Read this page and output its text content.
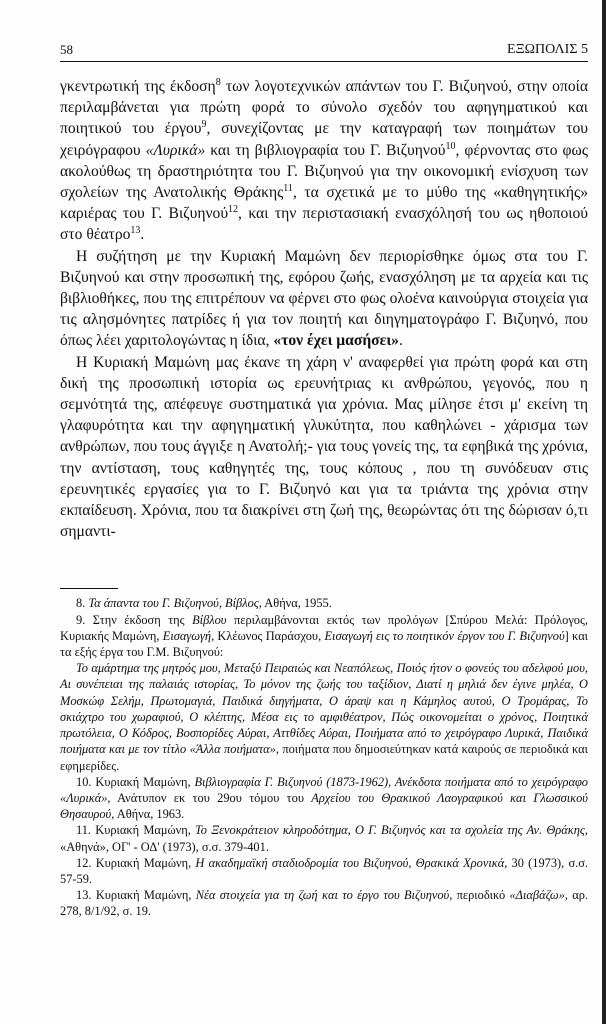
58	ΕΞΩΠΟΛΙΣ 5

γκεντρωτική της έκδοση$^8$ των λογοτεχνικών απάντων του Γ. Βιζυηνού, στην οποία περιλαμβάνεται για πρώτη φορά το σύνολο σχεδόν του αφηγηματικού και ποιητικού του έργου$^9$, συνεχίζοντας με την καταγραφή των ποιημάτων του χειρόγραφου «Λυρικά» και τη βιβλιογραφία του Γ. Βιζυηνού$^{10}$, φέρνοντας στο φως ακολούθως τη δραστηριότητα του Γ. Βιζυηνού για την οικονομική ενίσχυση των σχολείων της Ανατολικής Θράκης$^{11}$, τα σχετικά με το μύθο της «καθηγητικής» καριέρας του Γ. Βιζυηνού$^{12}$, και την περιστασιακή ενασχόλησή του ως ηθοποιού στο θέατρο$^{13}$.

Η συζήτηση με την Κυριακή Μαμώνη δεν περιορίσθηκε όμως στα του Γ. Βιζυηνού και στην προσωπική της, εφόρου ζωής, ενασχόληση με τα αρχεία και τις βιβλιοθήκες, που της επιτρέπουν να φέρνει στο φως ολοένα καινούργια στοιχεία για τις αλησμόνητες πατρίδες ή για τον ποιητή και διηγηματογράφο Γ. Βιζυηνό, που όπως λέει χαριτολογώντας η ίδια, «τον έχει μασήσει».

Η Κυριακή Μαμώνη μας έκανε τη χάρη ν' αναφερθεί για πρώτη φορά και στη δική της προσωπική ιστορία ως ερευνήτριας κι ανθρώπου, γεγονός, που η σεμνότητά της, απέφευγε συστηματικά για χρόνια. Μας μίλησε έτσι μ' εκείνη τη γλαφυρότητα και την αφηγηματική γλυκύτητα, που καθηλώνει - χάρισμα των ανθρώπων, που τους άγγιξε η Ανατολή;- για τους γονείς της, τα εφηβικά της χρόνια, την αντίσταση, τους καθηγητές της, τους κόπους , που τη συνόδευαν στις ερευνητικές εργασίες για το Γ. Βιζυηνό και για τα τριάντα της χρόνια στην εκπαίδευση. Χρόνια, που τα διακρίνει στη ζωή της, θεωρώντας ότι της δώρισαν ό,τι σημαντι-

8. Τα άπαντα του Γ. Βιζυηνού, Βίβλος, Αθήνα, 1955.

9. Στην έκδοση της Βίβλου περιλαμβάνονται εκτός των προλόγων [Σπύρου Μελά: Πρόλογος, Κυριακής Μαμώνη, Εισαγωγή, Κλέωνος Παράσχου, Εισαγωγή εις το ποιητικόν έργον του Γ. Βιζυηνού] και τα εξής έργα του Γ.Μ. Βιζυηνού:

Το αμάρτημα της μητρός μου, Μεταξύ Πειραιώς και Νεαπόλεως, Ποιός ήτον ο φονεύς του αδελφού μου, Αι συνέπειαι της παλαιάς ιστορίας, Το μόνον της ζωής του ταξίδιον, Διατί η μηλιά δεν έγινε μηλέα, Ο Μοσκώφ Σελήμ, Πρωτομαγιά, Παιδικά διηγήματα, Ο άραψ και η Κάμηλος αυτού, Ο Τρομάρας, Το σκιάχτρο του χωραφιού, Ο κλέπτης, Μέσα εις το αμφιθέατρον, Πώς οικονομείται ο χρόνος, Ποιητικά πρωτόλεια, Ο Κόδρος, Βοσπορίδες Αύραι, Αττθίδες Αύραι, Ποιήματα από το χειρόγραφο Λυρικά, Παιδικά ποιήματα και με τον τίτλο «Άλλα ποιήματα», ποιήματα που δημοσιεύτηκαν κατά καιρούς σε περιοδικά και εφημερίδες.

10. Κυριακή Μαμώνη, Βιβλιογραφία Γ. Βιζυηνού (1873-1962), Ανέκδοτα ποιήματα από το χειρόγραφο «Λυρικά», Ανάτυπον εκ του 29ου τόμου του Αρχείου του Θρακικού Λαογραφικού και Γλωσσικού Θησαυρού, Αθήνα, 1963.

11. Κυριακή Μαμώνη, Το Ξενοκράτειον κληροδότημα, Ο Γ. Βιζυηνός και τα σχολεία της Αν. Θράκης, «Αθηνά», ΟΓ' - ΟΔ' (1973), σ.σ. 379-401.

12. Κυριακή Μαμώνη, Η ακαδημαϊκή σταδιοδρομία του Βιζυηνού, Θρακικά Χρονικά, 30 (1973), σ.σ. 57-59.

13. Κυριακή Μαμώνη, Νέα στοιχεία για τη ζωή και το έργο του Βιζυηνού, περιοδικό «Διαβάζω», αρ. 278, 8/1/92, σ. 19.
